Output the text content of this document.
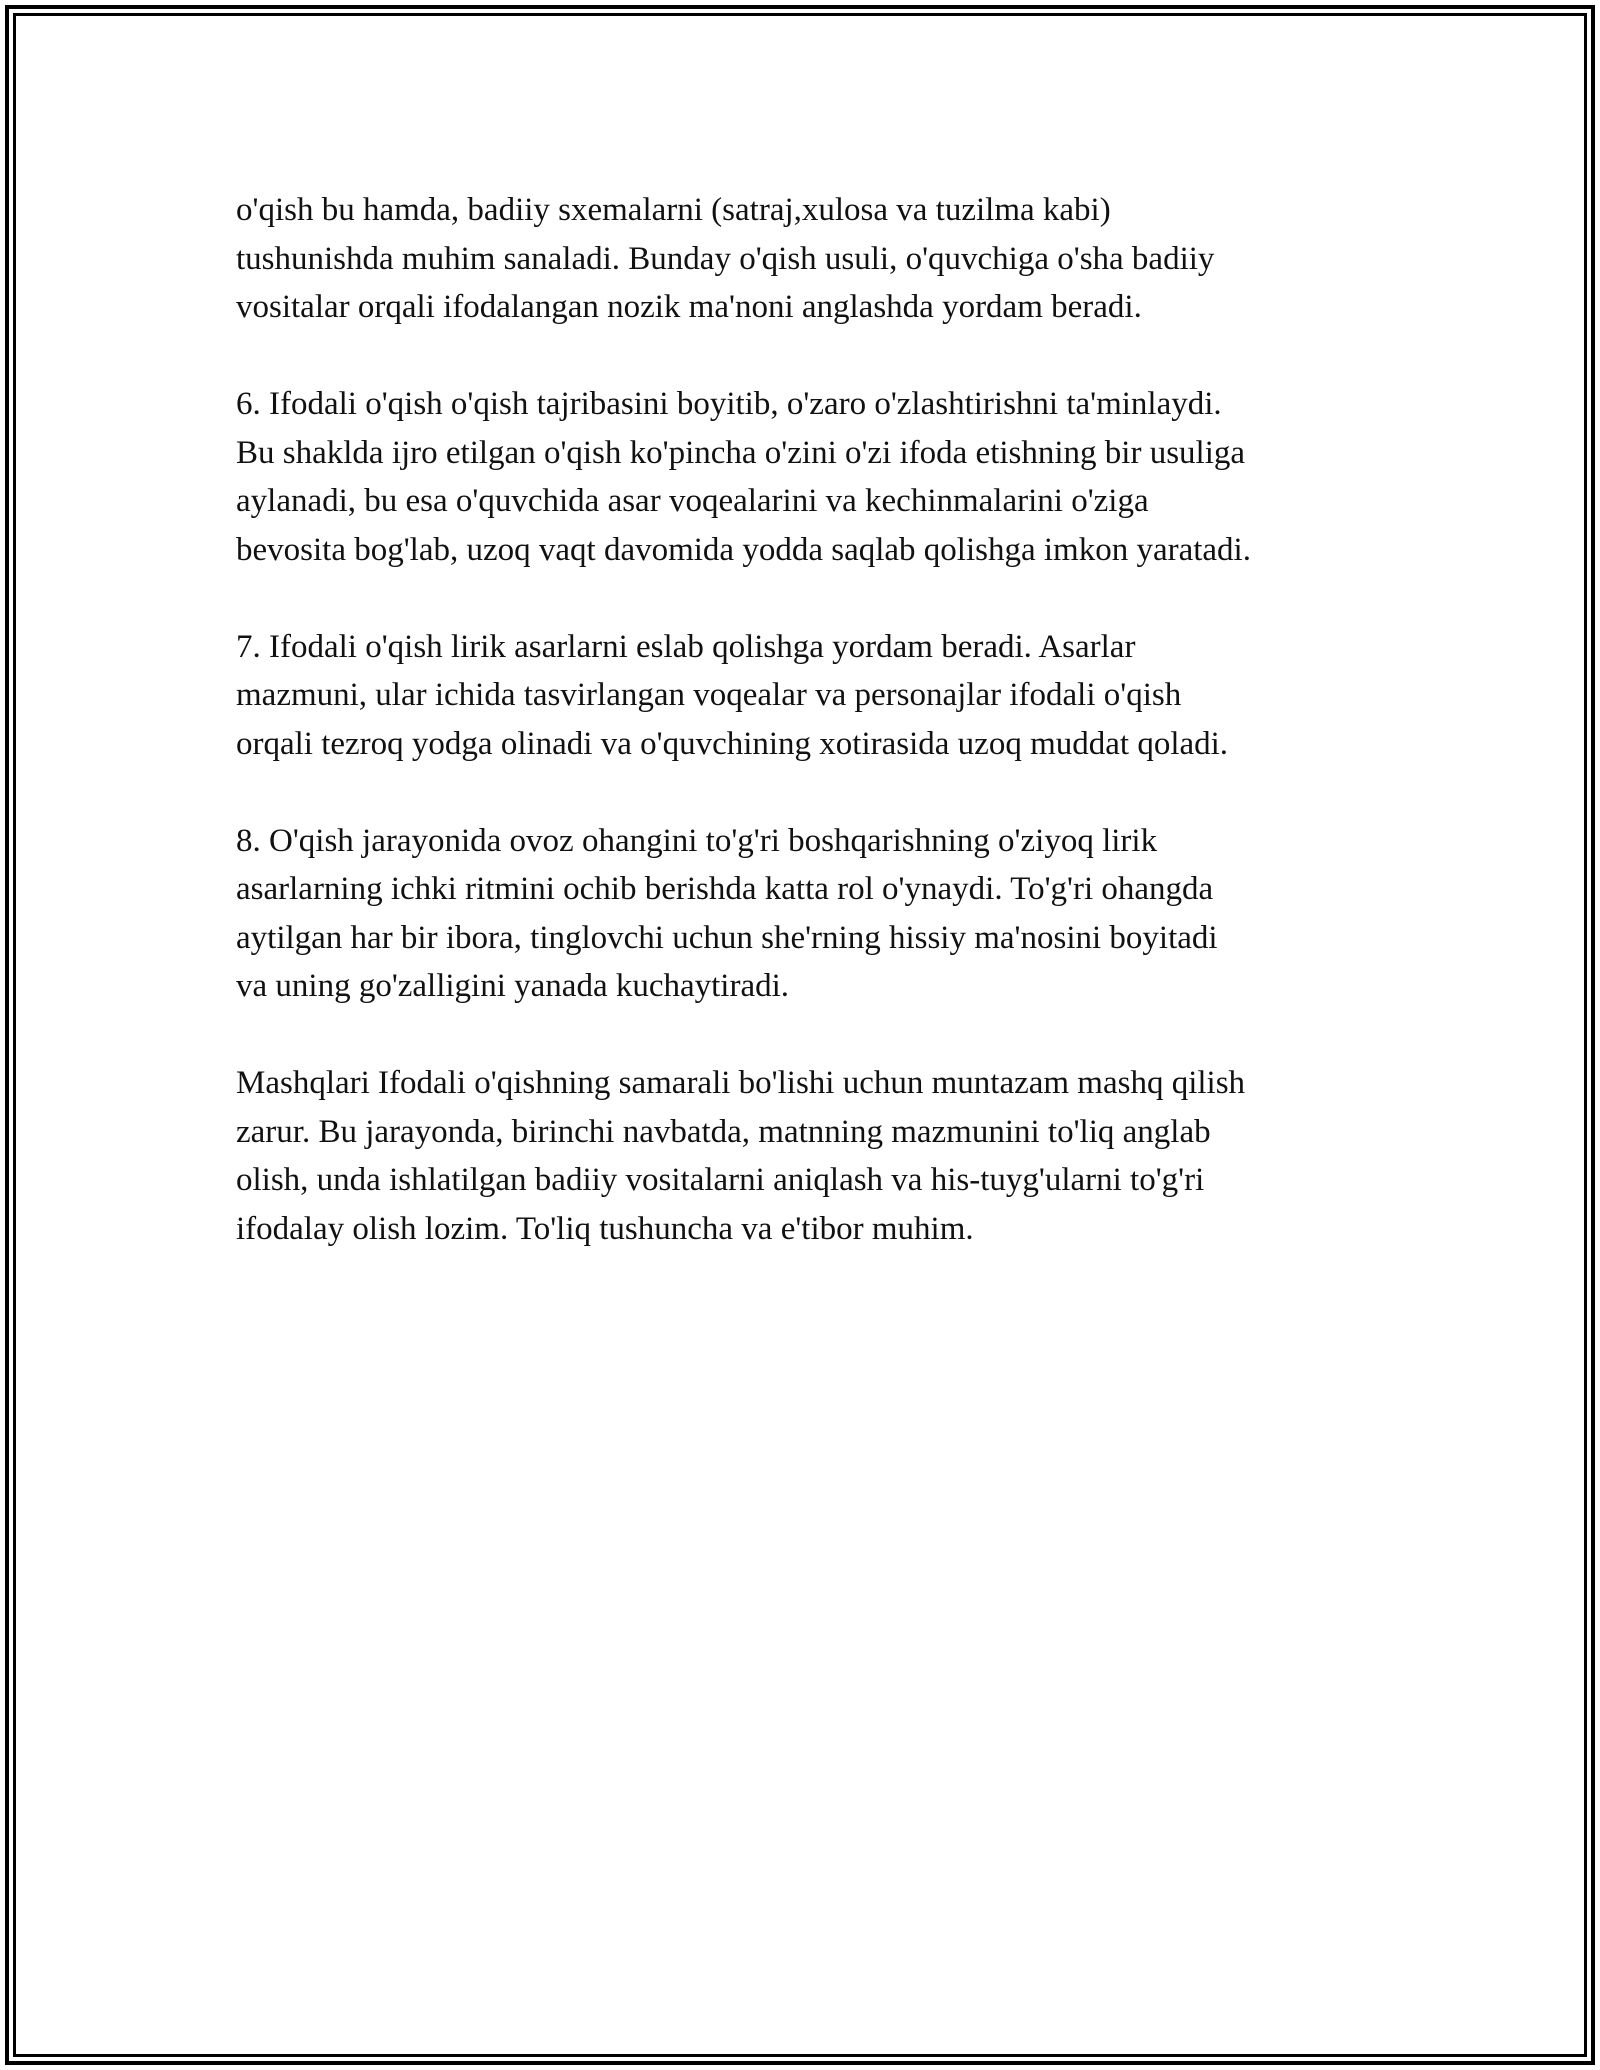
o'qish bu hamda, badiiy sxemalarni (satraj,xulosa va tuzilma kabi)
tushunishda muhim sanaladi. Bunday o'qish usuli, o'quvchiga o'sha badiiy
vositalar orqali ifodalangan nozik ma'noni anglashda yordam beradi.

6. Ifodali o'qish o'qish tajribasini boyitib, o'zaro o'zlashtirishni ta'minlaydi.
Bu shaklda ijro etilgan o'qish ko'pincha o'zini o'zi ifoda etishning bir usuliga
aylanadi, bu esa o'quvchida asar voqealarini va kechinmalarini o'ziga
bevosita bog'lab, uzoq vaqt davomida yodda saqlab qolishga imkon yaratadi.

7. Ifodali o'qish lirik asarlarni eslab qolishga yordam beradi. Asarlar
mazmuni, ular ichida tasvirlangan voqealar va personajlar ifodali o'qish
orqali tezroq yodga olinadi va o'quvchining xotirasida uzoq muddat qoladi.

8. O'qish jarayonida ovoz ohangini to'g'ri boshqarishning o'ziyoq lirik
asarlarning ichki ritmini ochib berishda katta rol o'ynaydi. To'g'ri ohangda
aytilgan har bir ibora, tinglovchi uchun she'rning hissiy ma'nosini boyitadi
va uning go'zalligini yanada kuchaytiradi.

Mashqlari Ifodali o'qishning samarali bo'lishi uchun muntazam mashq qilish
zarur. Bu jarayonda, birinchi navbatda, matnning mazmunini to'liq anglab
olish, unda ishlatilgan badiiy vositalarni aniqlash va his-tuyg'ularni to'g'ri
ifodalay olish lozim. To'liq tushuncha va e'tibor muhim.
